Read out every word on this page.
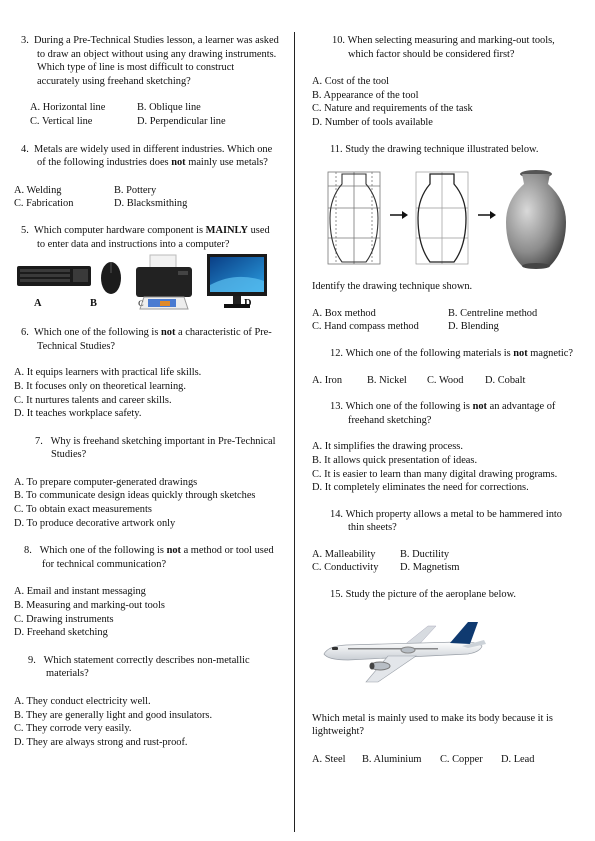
3.  During a Pre-Technical Studies lesson, a learner was asked to draw an object without using any drawing instruments. Which type of line is most difficult to construct accurately using freehand sketching?
A. Horizontal line	B. Oblique line
C. Vertical line	D. Perpendicular line
4.  Metals are widely used in different industries. Which one of the following industries does not mainly use metals?
A. Welding	B. Pottery
C. Fabrication	D. Blacksmithing
5.  Which computer hardware component is MAINLY used to enter data and instructions into a computer?
A	B	C	D
6.  Which one of the following is not a characteristic of Pre-Technical Studies?
A. It equips learners with practical life skills.
B. It focuses only on theoretical learning.
C. It nurtures talents and career skills.
D. It teaches workplace safety.
7.   Why is freehand sketching important in Pre-Technical Studies?
A. To prepare computer-generated drawings
B. To communicate design ideas quickly through sketches
C. To obtain exact measurements
D. To produce decorative artwork only
8.   Which one of the following is not a method or tool used for technical communication?
A. Email and instant messaging
B. Measuring and marking-out tools
C. Drawing instruments
D. Freehand sketching
9.   Which statement correctly describes non-metallic materials?
A. They conduct electricity well.
B. They are generally light and good insulators.
C. They corrode very easily.
D. They are always strong and rust-proof.
10. When selecting measuring and marking-out tools, which factor should be considered first?
A. Cost of the tool
B. Appearance of the tool
C. Nature and requirements of the task
D. Number of tools available
11. Study the drawing technique illustrated below.
Identify the drawing technique shown.
A. Box method	B. Centreline method
C. Hand compass method	D. Blending
12. Which one of the following materials is not magnetic?
A. Iron B. Nickel C. Wood D. Cobalt
13. Which one of the following is not an advantage of freehand sketching?
A. It simplifies the drawing process.
B. It allows quick presentation of ideas.
C. It is easier to learn than many digital drawing programs.
D. It completely eliminates the need for corrections.
14. Which property allows a metal to be hammered into thin sheets?
A. Malleability B. Ductility
C. Conductivity D. Magnetism
15. Study the picture of the aeroplane below.
Which metal is mainly used to make its body because it is lightweight?
A. Steel B. Aluminium C. Copper D. Lead
